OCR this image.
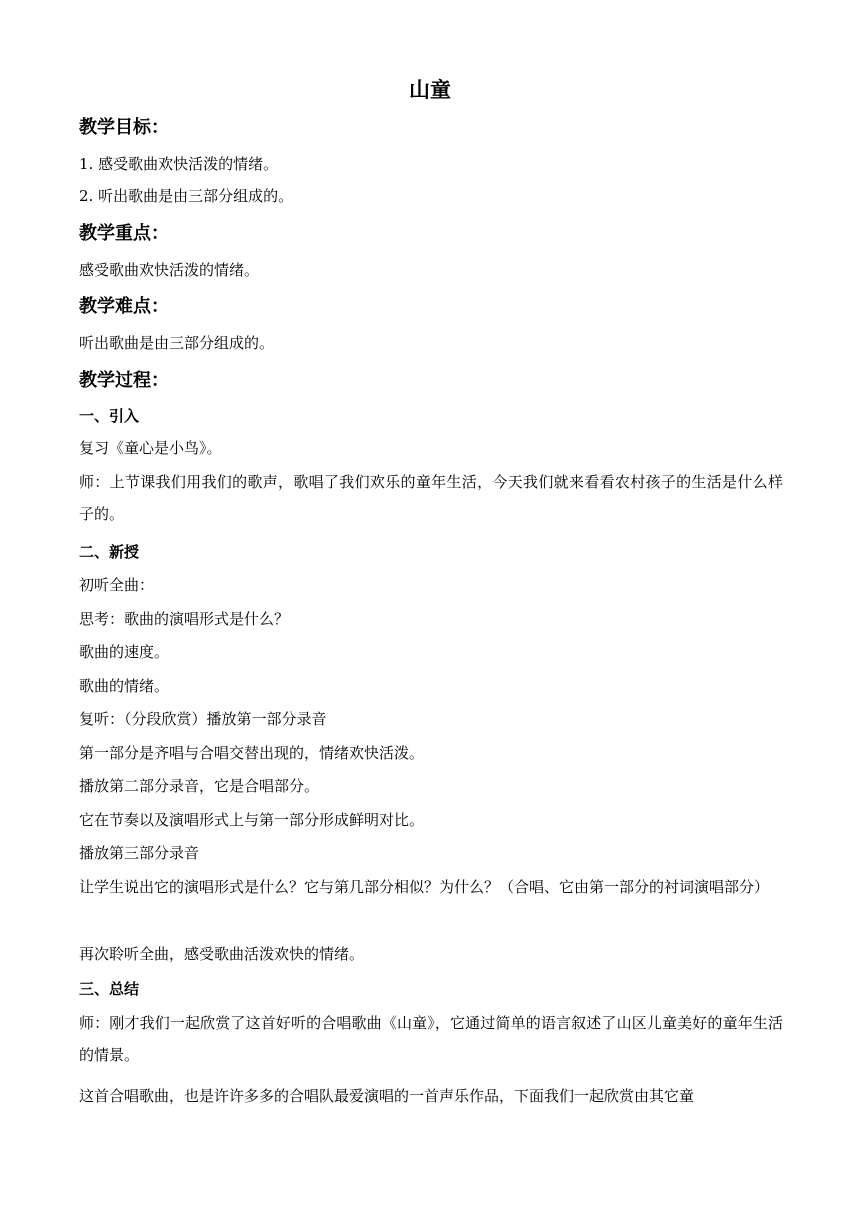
山童
教学目标：
1. 感受歌曲欢快活泼的情绪。
2. 听出歌曲是由三部分组成的。
教学重点：
感受歌曲欢快活泼的情绪。
教学难点：
听出歌曲是由三部分组成的。
教学过程：
一、引入
复习《童心是小鸟》。
师：上节课我们用我们的歌声，歌唱了我们欢乐的童年生活，今天我们就来看看农村孩子的生活是什么样子的。
二、新授
初听全曲：
思考：歌曲的演唱形式是什么？
歌曲的速度。
歌曲的情绪。
复听：（分段欣赏）播放第一部分录音
第一部分是齐唱与合唱交替出现的，情绪欢快活泼。
播放第二部分录音，它是合唱部分。
它在节奏以及演唱形式上与第一部分形成鲜明对比。
播放第三部分录音
让学生说出它的演唱形式是什么？它与第几部分相似？为什么？（合唱、它由第一部分的衬词演唱部分）
再次聆听全曲，感受歌曲活泼欢快的情绪。
三、总结
师：刚才我们一起欣赏了这首好听的合唱歌曲《山童》，它通过简单的语言叙述了山区儿童美好的童年生活的情景。
这首合唱歌曲，也是许许多多的合唱队最爱演唱的一首声乐作品，下面我们一起欣赏由其它童
